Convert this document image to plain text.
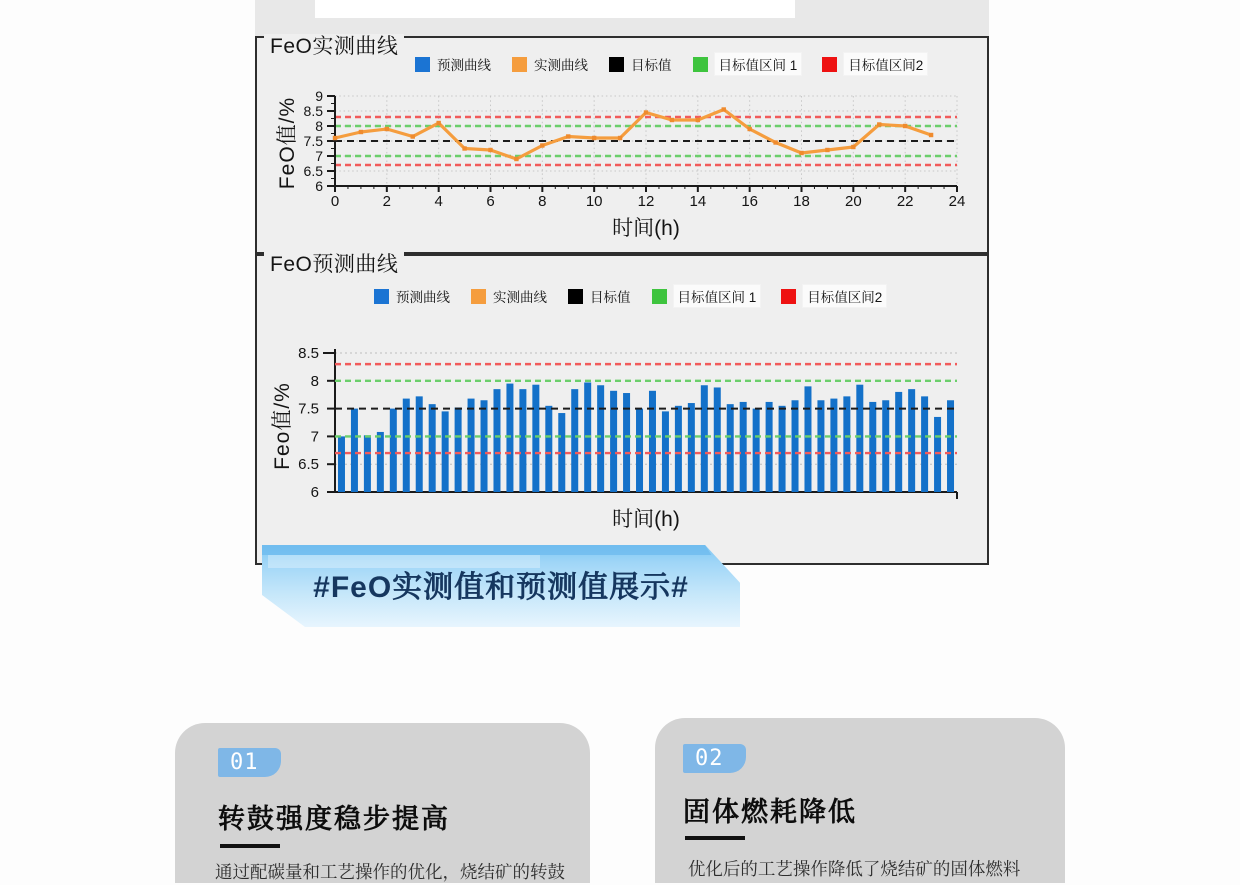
FeO实测曲线
预测曲线	实测曲线	目标值	目标值区间 1	目标值区间2
6
6.5
7
7.5
8
8.5
9
0	2	4	6	8	10 12 14 16 18 20 22 24
时间(h)
FeO值/%
FeO预测曲线
预测曲线	实测曲线	目标值	目标值区间 1	目标值区间2
6
6.5
7
7.5
8
8.5
时间(h)
Feo值/%
#FeO实测值和预测值展示#
01
转鼓强度稳步提高
通过配碳量和工艺操作的优化，烧结矿的转鼓
02
固体燃耗降低
优化后的工艺操作降低了烧结矿的固体燃料
